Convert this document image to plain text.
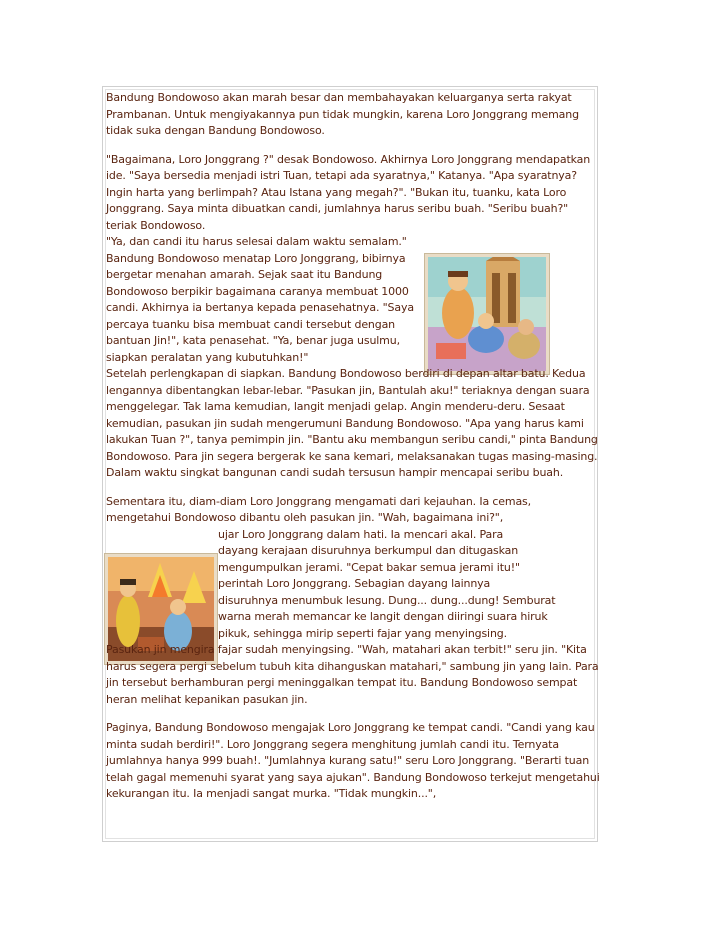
Bandung Bondowoso akan marah besar dan membahayakan keluarganya serta rakyat
Prambanan. Untuk mengiyakannya pun tidak mungkin, karena Loro Jonggrang memang
tidak suka dengan Bandung Bondowoso.
"Bagaimana, Loro Jonggrang ?" desak Bondowoso. Akhirnya Loro Jonggrang mendapatkan
ide. "Saya bersedia menjadi istri Tuan, tetapi ada syaratnya," Katanya. "Apa syaratnya?
Ingin harta yang berlimpah? Atau Istana yang megah?". "Bukan itu, tuanku, kata Loro
Jonggrang. Saya minta dibuatkan candi, jumlahnya harus seribu buah. "Seribu buah?"
teriak Bondowoso.
"Ya, dan candi itu harus selesai dalam waktu semalam."
Bandung Bondowoso menatap Loro Jonggrang, bibirnya
bergetar menahan amarah. Sejak saat itu Bandung
Bondowoso berpikir bagaimana caranya membuat 1000
candi. Akhirnya ia bertanya kepada penasehatnya. "Saya
percaya tuanku bisa membuat candi tersebut dengan
bantuan Jin!", kata penasehat. "Ya, benar juga usulmu,
siapkan peralatan yang kubutuhkan!"
Setelah perlengkapan di siapkan. Bandung Bondowoso berdiri di depan altar batu. Kedua
lengannya dibentangkan lebar-lebar. "Pasukan jin, Bantulah aku!" teriaknya dengan suara
menggelegar. Tak lama kemudian, langit menjadi gelap. Angin menderu-deru. Sesaat
kemudian, pasukan jin sudah mengerumuni Bandung Bondowoso. "Apa yang harus kami
lakukan Tuan ?", tanya pemimpin jin. "Bantu aku membangun seribu candi," pinta Bandung
Bondowoso. Para jin segera bergerak ke sana kemari, melaksanakan tugas masing-masing.
Dalam waktu singkat bangunan candi sudah tersusun hampir mencapai seribu buah.
Sementara itu, diam-diam Loro Jonggrang mengamati dari kejauhan. Ia cemas,
mengetahui Bondowoso dibantu oleh pasukan jin. "Wah, bagaimana ini?",
ujar Loro Jonggrang dalam hati. Ia mencari akal. Para
dayang kerajaan disuruhnya berkumpul dan ditugaskan
mengumpulkan jerami. "Cepat bakar semua jerami itu!"
perintah Loro Jonggrang. Sebagian dayang lainnya
disuruhnya menumbuk lesung. Dung... dung...dung! Semburat
warna merah memancar ke langit dengan diiringi suara hiruk
pikuk, sehingga mirip seperti fajar yang menyingsing.
Pasukan jin mengira fajar sudah menyingsing. "Wah, matahari akan terbit!" seru jin. "Kita
harus segera pergi sebelum tubuh kita dihanguskan matahari," sambung jin yang lain. Para
jin tersebut berhamburan pergi meninggalkan tempat itu. Bandung Bondowoso sempat
heran melihat kepanikan pasukan jin.
Paginya, Bandung Bondowoso mengajak Loro Jonggrang ke tempat candi. "Candi yang kau
minta sudah berdiri!". Loro Jonggrang segera menghitung jumlah candi itu. Ternyata
jumlahnya hanya 999 buah!. "Jumlahnya kurang satu!" seru Loro Jonggrang. "Berarti tuan
telah gagal memenuhi syarat yang saya ajukan". Bandung Bondowoso terkejut mengetahui
kekurangan itu. Ia menjadi sangat murka. "Tidak mungkin...",
